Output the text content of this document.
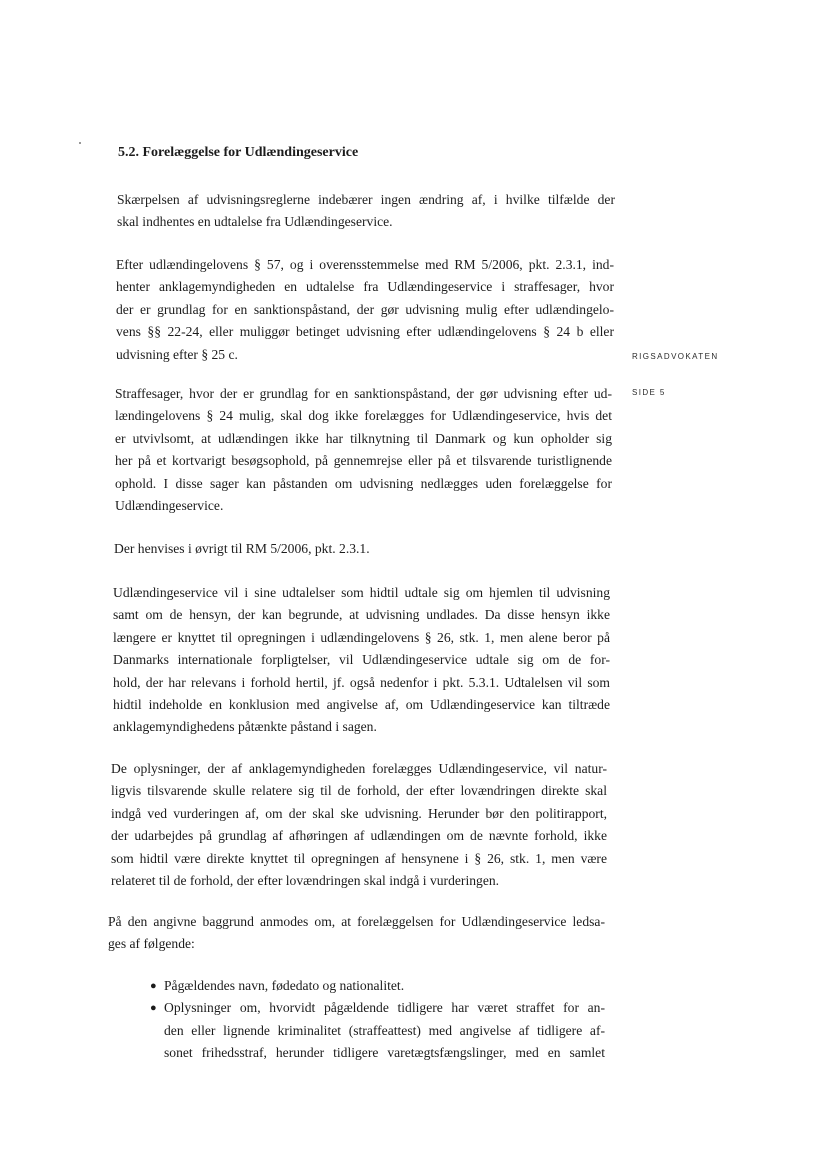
5.2. Forelæggelse for Udlændingeservice
RIGSADVOKATEN
SIDE 5
Skærpelsen af udvisningsreglerne indebærer ingen ændring af, i hvilke tilfælde der
skal indhentes en udtalelse fra Udlændingeservice.
Efter udlændingelovens § 57, og i overensstemmelse med RM 5/2006, pkt. 2.3.1, ind-
henter anklagemyndigheden en udtalelse fra Udlændingeservice i straffesager, hvor
der er grundlag for en sanktionspåstand, der gør udvisning mulig efter udlændingelo-
vens §§ 22-24, eller muliggør betinget udvisning efter udlændingelovens § 24 b eller
udvisning efter § 25 c.
Straffesager, hvor der er grundlag for en sanktionspåstand, der gør udvisning efter ud-
lændingelovens § 24 mulig, skal dog ikke forelægges for Udlændingeservice, hvis det
er utvivlsomt, at udlændingen ikke har tilknytning til Danmark og kun opholder sig
her på et kortvarigt besøgsophold, på gennemrejse eller på et tilsvarende turistlignende
ophold. I disse sager kan påstanden om udvisning nedlægges uden forelæggelse for
Udlændingeservice.
Der henvises i øvrigt til RM 5/2006, pkt. 2.3.1.
Udlændingeservice vil i sine udtalelser som hidtil udtale sig om hjemlen til udvisning
samt om de hensyn, der kan begrunde, at udvisning undlades. Da disse hensyn ikke
længere er knyttet til opregningen i udlændingelovens § 26, stk. 1, men alene beror på
Danmarks internationale forpligtelser, vil Udlændingeservice udtale sig om de for-
hold, der har relevans i forhold hertil, jf. også nedenfor i pkt. 5.3.1. Udtalelsen vil som
hidtil indeholde en konklusion med angivelse af, om Udlændingeservice kan tiltræde
anklagemyndighedens påtænkte påstand i sagen.
De oplysninger, der af anklagemyndigheden forelægges Udlændingeservice, vil natur-
ligvis tilsvarende skulle relatere sig til de forhold, der efter lovændringen direkte skal
indgå ved vurderingen af, om der skal ske udvisning. Herunder bør den politirapport,
der udarbejdes på grundlag af afhøringen af udlændingen om de nævnte forhold, ikke
som hidtil være direkte knyttet til opregningen af hensynene i § 26, stk. 1, men være
relateret til de forhold, der efter lovændringen skal indgå i vurderingen.
På den angivne baggrund anmodes om, at forelæggelsen for Udlændingeservice ledsa-
ges af følgende:
● Pågældendes navn, fødedato og nationalitet.
● Oplysninger om, hvorvidt pågældende tidligere har været straffet for an-
den eller lignende kriminalitet (straffeattest) med angivelse af tidligere af-
sonet frihedsstraf, herunder tidligere varetægtsfængslinger, med en samlet
